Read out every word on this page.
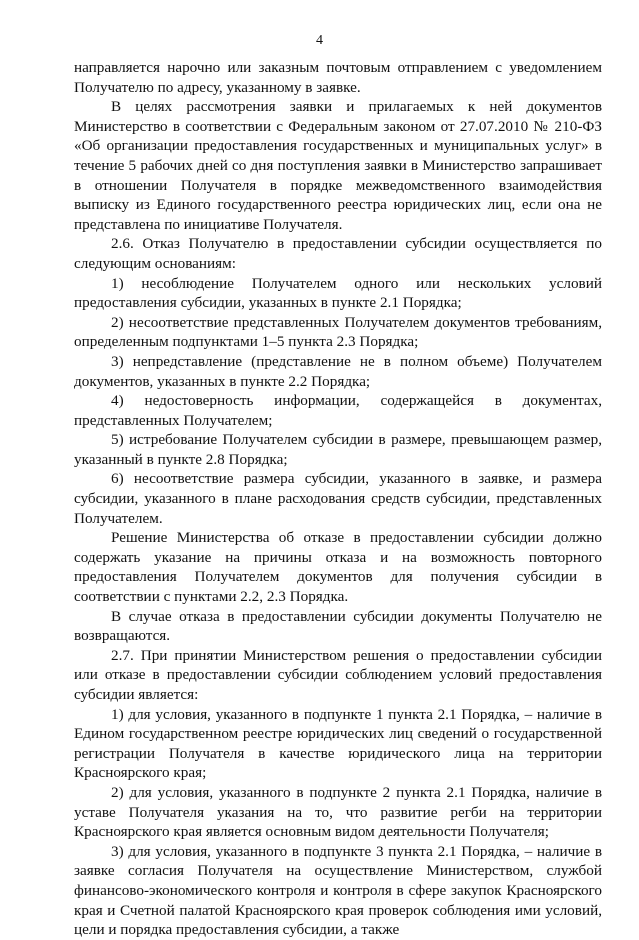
4

направляется нарочно или заказным почтовым отправлением с уведомлением Получателю по адресу, указанному в заявке.

В целях рассмотрения заявки и прилагаемых к ней документов Министерство в соответствии с Федеральным законом от 27.07.2010 № 210-ФЗ «Об организации предоставления государственных и муниципальных услуг» в течение 5 рабочих дней со дня поступления заявки в Министерство запрашивает в отношении Получателя в порядке межведомственного взаимодействия выписку из Единого государственного реестра юридических лиц, если она не представлена по инициативе Получателя.

2.6. Отказ Получателю в предоставлении субсидии осуществляется по следующим основаниям:

1) несоблюдение Получателем одного или нескольких условий предоставления субсидии, указанных в пункте 2.1 Порядка;

2) несоответствие представленных Получателем документов требованиям, определенным подпунктами 1–5 пункта 2.3 Порядка;

3) непредставление (представление не в полном объеме) Получателем документов, указанных в пункте 2.2 Порядка;

4) недостоверность информации, содержащейся в документах, представленных Получателем;

5) истребование Получателем субсидии в размере, превышающем размер, указанный в пункте 2.8 Порядка;

6) несоответствие размера субсидии, указанного в заявке, и размера субсидии, указанного в плане расходования средств субсидии, представленных Получателем.

Решение Министерства об отказе в предоставлении субсидии должно содержать указание на причины отказа и на возможность повторного предоставления Получателем документов для получения субсидии в соответствии с пунктами 2.2, 2.3 Порядка.

В случае отказа в предоставлении субсидии документы Получателю не возвращаются.

2.7. При принятии Министерством решения о предоставлении субсидии или отказе в предоставлении субсидии соблюдением условий предоставления субсидии является:

1) для условия, указанного в подпункте 1 пункта 2.1 Порядка, – наличие в Едином государственном реестре юридических лиц сведений о государственной регистрации Получателя в качестве юридического лица на территории Красноярского края;

2) для условия, указанного в подпункте 2 пункта 2.1 Порядка, наличие в уставе Получателя указания на то, что развитие регби на территории Красноярского края является основным видом деятельности Получателя;

3) для условия, указанного в подпункте 3 пункта 2.1 Порядка, – наличие в заявке согласия Получателя на осуществление Министерством, службой финансово-экономического контроля и контроля в сфере закупок Красноярского края и Счетной палатой Красноярского края проверок соблюдения ими условий, цели и порядка предоставления субсидии, а также
